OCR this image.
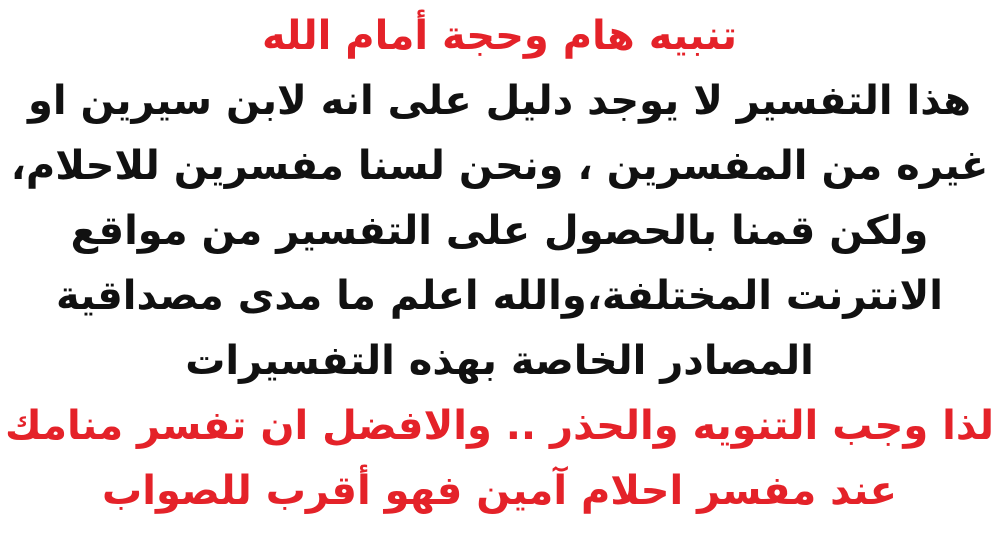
تنبيه هام وحجة أمام الله
هذا التفسير لا يوجد دليل على انه لابن سيرين او
غيره من المفسرين ، ونحن لسنا مفسرين للاحلام،
ولكن قمنا بالحصول على التفسير من مواقع
الانترنت المختلفة،والله اعلم ما مدى مصداقية
المصادر الخاصة بهذه التفسيرات
لذا وجب التنويه والحذر .. والافضل ان تفسر منامك
عند مفسر احلام آمين فهو أقرب للصواب
